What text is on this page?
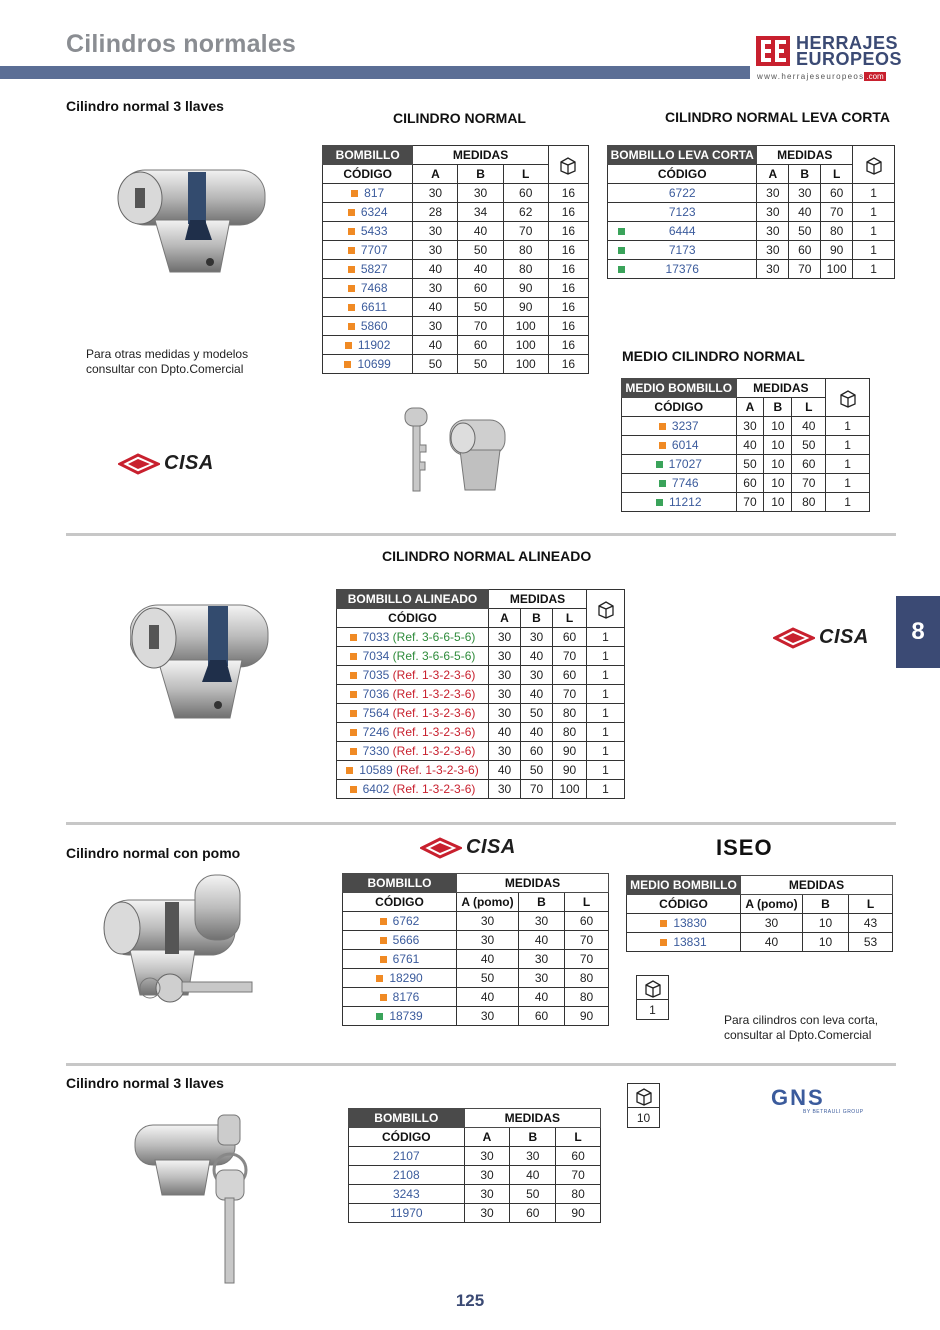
Cilindros normales	HERRAJES
EUROPEOS
www.herrajeseuropeos .com
Cilindro normal 3 llaves
Para otras medidas y modelos
consultar con Dpto.Comercial
CISA
CILINDRO NORMAL
BOMBILLO	MEDIDAS	
CÓDIGO	A	B	L	
817	30	30	60	16
6324	28	34	62	16
5433	30	40	70	16
7707	30	50	80	16
5827	40	40	80	16
7468	30	60	90	16
6611	40	50	90	16
5860	30	70	100	16
11902	40	60	100	16
10699	50	50	100	16
CILINDRO NORMAL LEVA CORTA
BOMBILLO LEVA CORTA	MEDIDAS	
CÓDIGO	A	B	L	
6722	30	30	60	1
7123	30	40	70	1

6444	30	50	80	1

7173	30	60	90	1

17376	30	70	100	1
MEDIO CILINDRO NORMAL
MEDIO BOMBILLO	MEDIDAS	
CÓDIGO	A	B	L	
3237	30	10	40	1
6014	40	10	50	1
17027	50	10	60	1
7746	60	10	70	1
11212	70	10	80	1
CILINDRO NORMAL ALINEADO
CISA	8
BOMBILLO ALINEADO	MEDIDAS	
CÓDIGO	A	B	L	
7033 (Ref. 3-6-6-5-6)	30	30	60	1
7034 (Ref. 3-6-6-5-6)	30	40	70	1
7035 (Ref. 1-3-2-3-6)	30	30	60	1
7036 (Ref. 1-3-2-3-6)	30	40	70	1
7564 (Ref. 1-3-2-3-6)	30	50	80	1
7246 (Ref. 1-3-2-3-6)	40	40	80	1
7330 (Ref. 1-3-2-3-6)	30	60	90	1
10589 (Ref. 1-3-2-3-6)	40	50	90	1
6402 (Ref. 1-3-2-3-6)	30	70	100	1
Cilindro normal con pomo	CISA	ISEO
BOMBILLO	MEDIDAS		
CÓDIGO	A (pomo)	B	L
6762	30	30	60
5666	30	40	70
6761	40	30	70
18290	50	30	80
8176	40	40	80
18739	30	60	90
MEDIO BOMBILLO	MEDIDAS		
CÓDIGO	A (pomo)	B	L
13830	30	10	43
13831	40	10	53

1
Para cilindros con leva corta,
consultar al Dpto.Comercial
Cilindro normal 3 llaves
GNS
BY BETRAULI GROUP
BOMBILLO	MEDIDAS		
CÓDIGO	A	B	L
2107	30	30	60
2108	30	40	70
3243	30	50	80
11970	30	60	90

10
125
